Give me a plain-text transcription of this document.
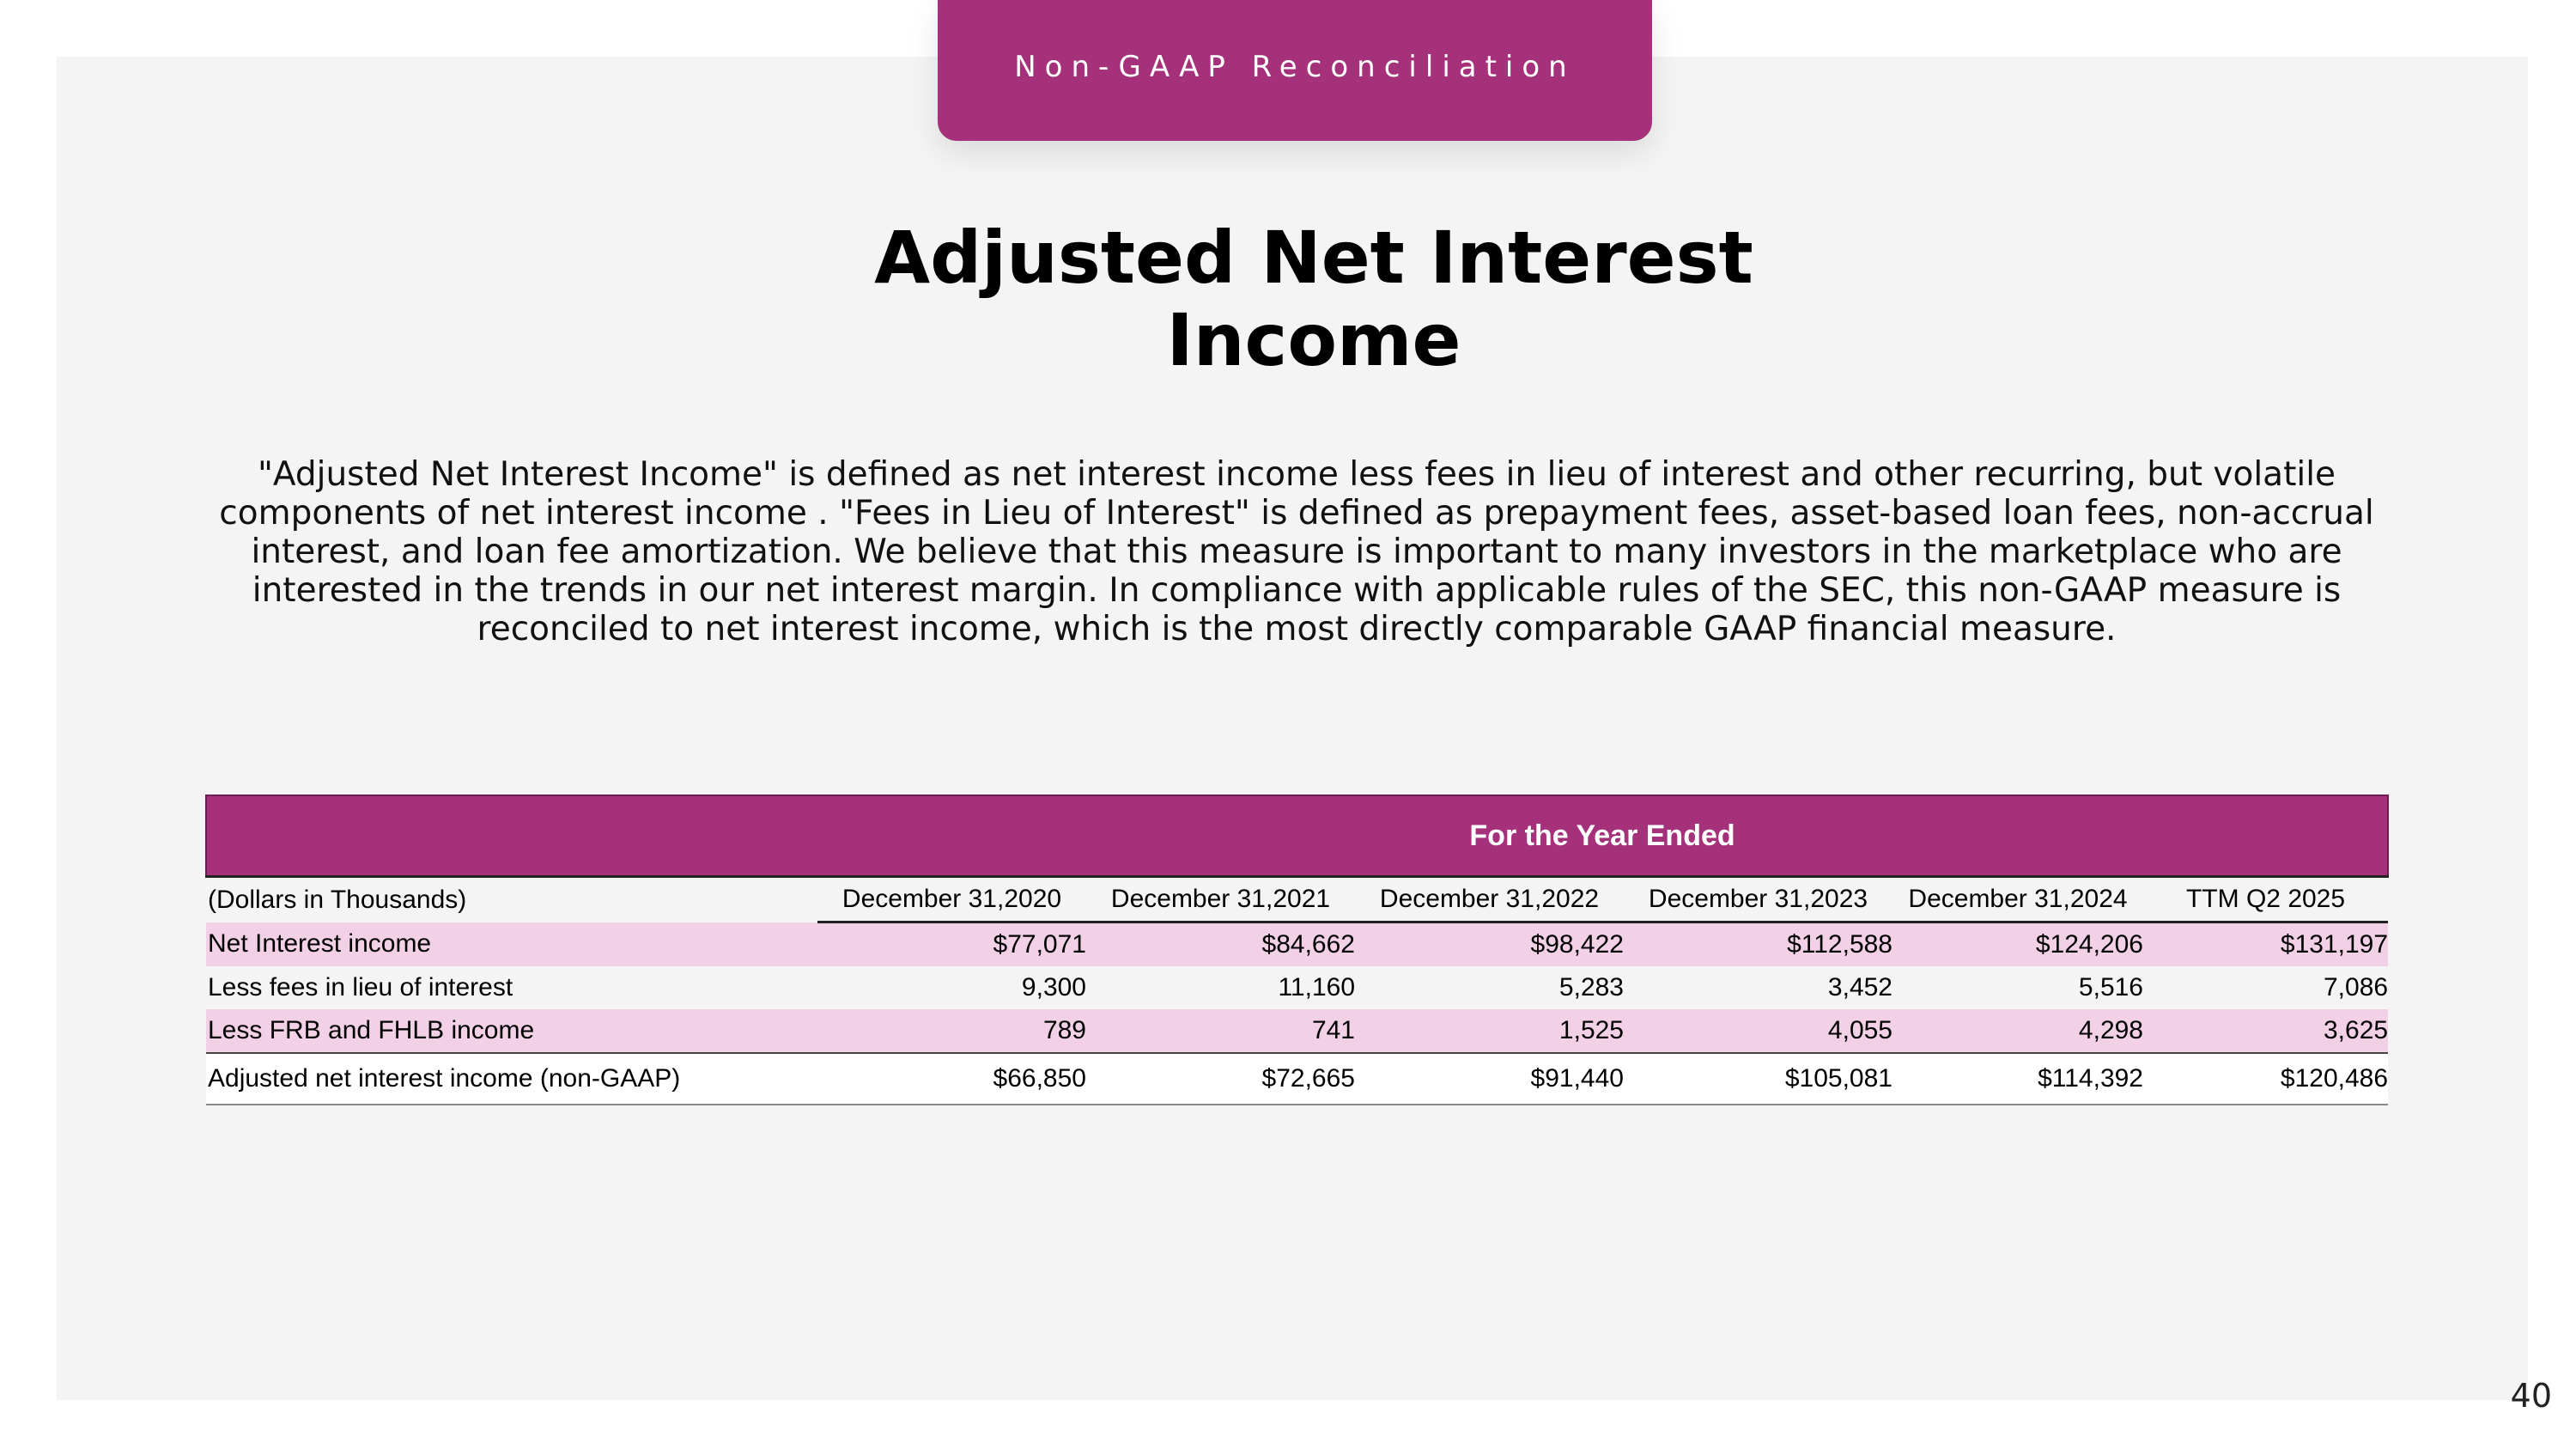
Non-GAAP Reconciliation
Adjusted Net Interest Income

"Adjusted Net Interest Income" is defined as net interest income less fees in lieu of interest and other recurring, but volatile components of net interest income . "Fees in Lieu of Interest" is defined as prepayment fees, asset-based loan fees, non-accrual interest, and loan fee amortization. We believe that this measure is important to many investors in the marketplace who are interested in the trends in our net interest margin. In compliance with applicable rules of the SEC, this non-GAAP measure is reconciled to net interest income, which is the most directly comparable GAAP financial measure.

	For the Year Ended					
(Dollars in Thousands)	December 31,2020	December 31,2021	December 31,2022	December 31,2023	December 31,2024	TTM Q2 2025
Net Interest income	$77,071	$84,662	$98,422	$112,588	$124,206	$131,197
Less fees in lieu of interest	9,300	11,160	5,283	3,452	5,516	7,086
Less FRB and FHLB income	789	741	1,525	4,055	4,298	3,625
Adjusted net interest income (non-GAAP)	$66,850	$72,665	$91,440	$105,081	$114,392	$120,486
40
